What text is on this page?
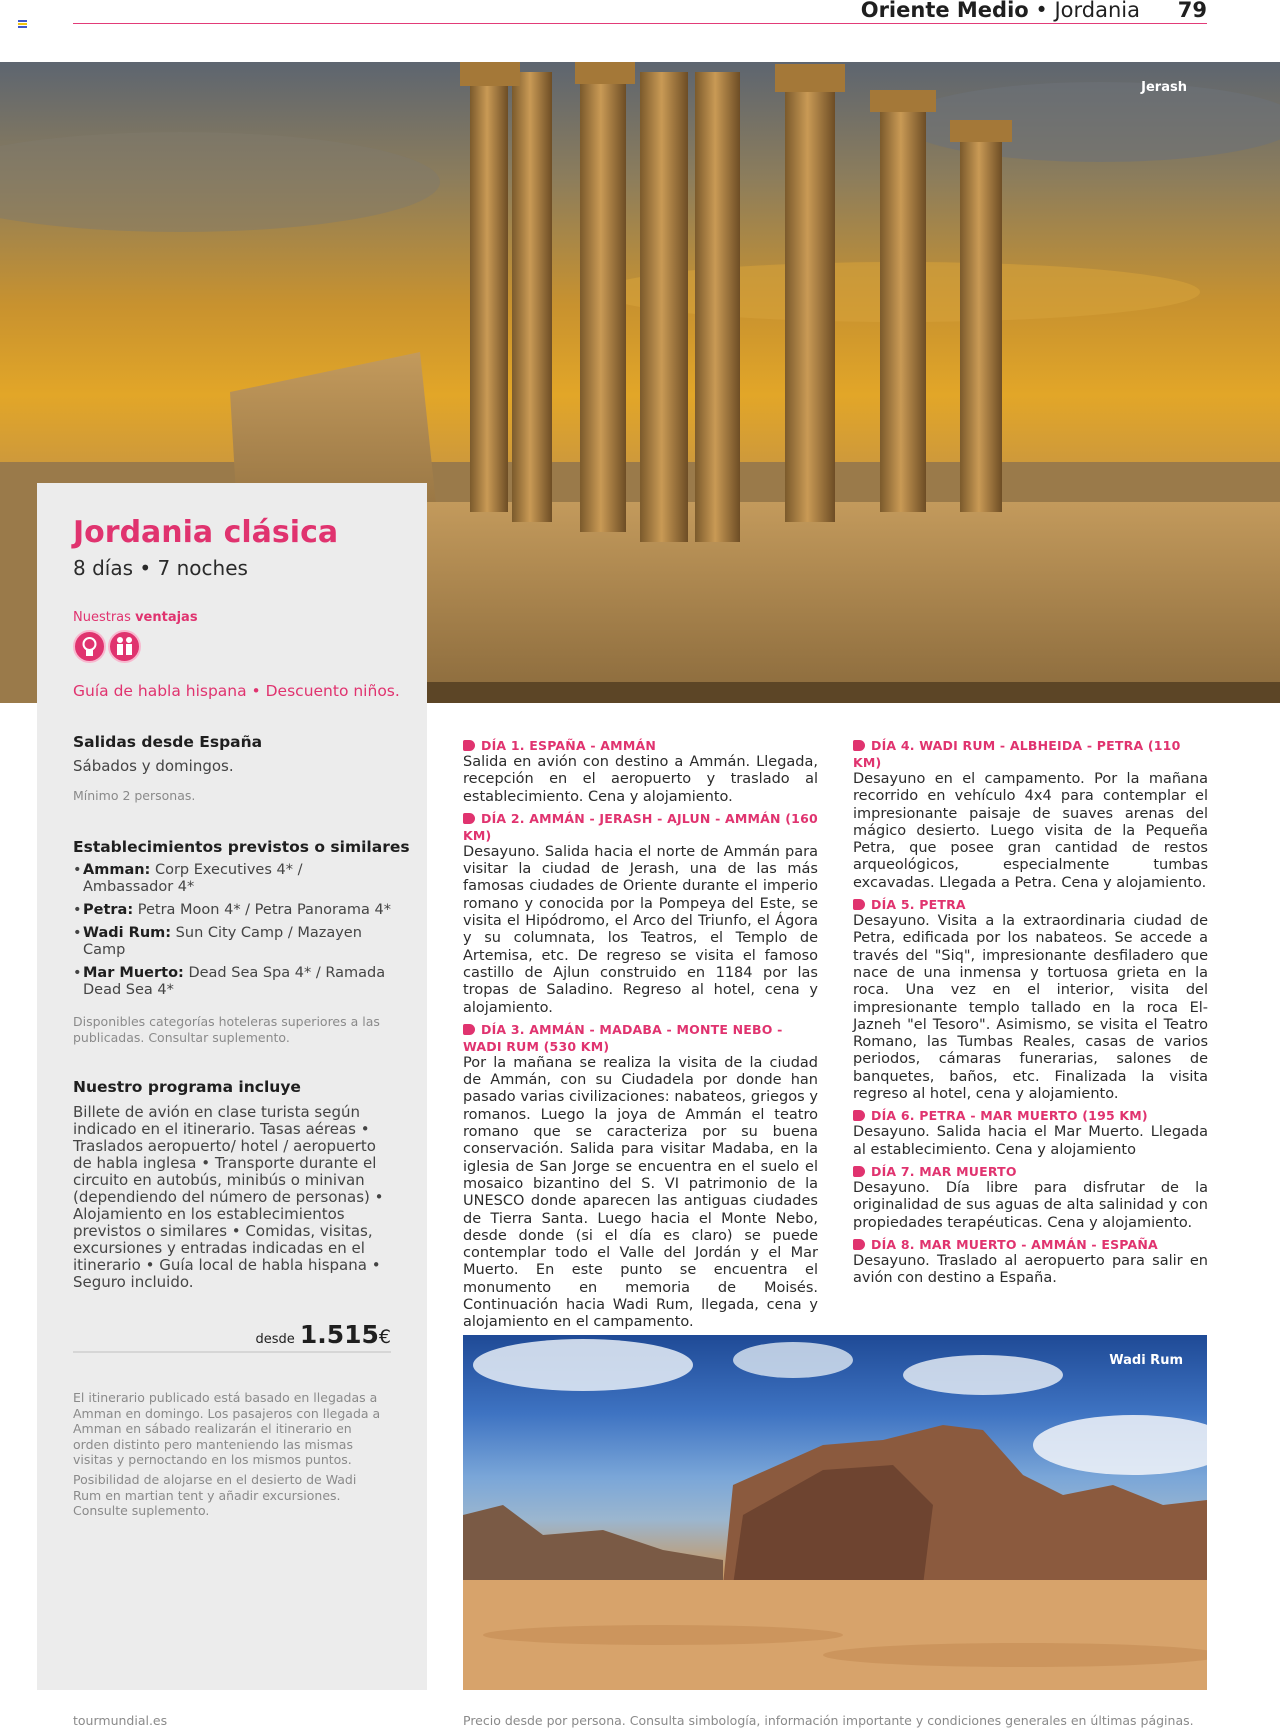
Oriente Medio • Jordania 79
Jerash
Jordania clásica
8 días • 7 noches
Nuestras ventajas
Guía de habla hispana • Descuento niños.
Salidas desde España
Sábados y domingos.
Mínimo 2 personas.
Establecimientos previstos o similares
• Amman: Corp Executives 4* / Ambassador 4*
• Petra: Petra Moon 4* / Petra Panorama 4*
• Wadi Rum: Sun City Camp / Mazayen Camp
• Mar Muerto: Dead Sea Spa 4* / Ramada Dead Sea 4*
Disponibles categorías hoteleras superiores a las publicadas. Consultar suplemento.
Nuestro programa incluye
Billete de avión en clase turista según indicado en el itinerario. Tasas aéreas • Traslados aeropuerto/ hotel / aeropuerto de habla inglesa • Transporte durante el circuito en autobús, minibús o minivan (dependiendo del número de personas) • Alojamiento en los establecimientos previstos o similares • Comidas, visitas, excursiones y entradas indicadas en el itinerario • Guía local de habla hispana • Seguro incluido.
desde 1.515€
El itinerario publicado está basado en llegadas a Amman en domingo. Los pasajeros con llegada a Amman en sábado realizarán el itinerario en orden distinto pero manteniendo las mismas visitas y pernoctando en los mismos puntos.
Posibilidad de alojarse en el desierto de Wadi Rum en martian tent y añadir excursiones. Consulte suplemento.
DÍA 1. ESPAÑA - AMMÁN
Salida en avión con destino a Ammán. Llegada, recepción en el aeropuerto y traslado al establecimiento. Cena y alojamiento.
DÍA 2. AMMÁN - JERASH - AJLUN - AMMÁN (160 KM)
Desayuno. Salida hacia el norte de Ammán para visitar la ciudad de Jerash, una de las más famosas ciudades de Oriente durante el imperio romano y conocida por la Pompeya del Este, se visita el Hipódromo, el Arco del Triunfo, el Ágora y su columnata, los Teatros, el Templo de Artemisa, etc. De regreso se visita el famoso castillo de Ajlun construido en 1184 por las tropas de Saladino. Regreso al hotel, cena y alojamiento.
DÍA 3. AMMÁN - MADABA - MONTE NEBO - WADI RUM (530 KM)
Por la mañana se realiza la visita de la ciudad de Ammán, con su Ciudadela por donde han pasado varias civilizaciones: nabateos, griegos y romanos. Luego la joya de Ammán el teatro romano que se caracteriza por su buena conservación. Salida para visitar Madaba, en la iglesia de San Jorge se encuentra en el suelo el mosaico bizantino del S. VI patrimonio de la UNESCO donde aparecen las antiguas ciudades de Tierra Santa. Luego hacia el Monte Nebo, desde donde (si el día es claro) se puede contemplar todo el Valle del Jordán y el Mar Muerto. En este punto se encuentra el monumento en memoria de Moisés. Continuación hacia Wadi Rum, llegada, cena y alojamiento en el campamento.
DÍA 4. WADI RUM - ALBHEIDA - PETRA (110 KM)
Desayuno en el campamento. Por la mañana recorrido en vehículo 4x4 para contemplar el impresionante paisaje de suaves arenas del mágico desierto. Luego visita de la Pequeña Petra, que posee gran cantidad de restos arqueológicos, especialmente tumbas excavadas. Llegada a Petra. Cena y alojamiento.
DÍA 5. PETRA
Desayuno. Visita a la extraordinaria ciudad de Petra, edificada por los nabateos. Se accede a través del "Siq", impresionante desfiladero que nace de una inmensa y tortuosa grieta en la roca. Una vez en el interior, visita del impresionante templo tallado en la roca El-Jazneh "el Tesoro". Asimismo, se visita el Teatro Romano, las Tumbas Reales, casas de varios periodos, cámaras funerarias, salones de banquetes, baños, etc. Finalizada la visita regreso al hotel, cena y alojamiento.
DÍA 6. PETRA - MAR MUERTO (195 KM)
Desayuno. Salida hacia el Mar Muerto. Llegada al establecimiento. Cena y alojamiento
DÍA 7. MAR MUERTO
Desayuno. Día libre para disfrutar de la originalidad de sus aguas de alta salinidad y con propiedades terapéuticas. Cena y alojamiento.
DÍA 8. MAR MUERTO - AMMÁN - ESPAÑA
Desayuno. Traslado al aeropuerto para salir en avión con destino a España.
Wadi Rum
tourmundial.es	Precio desde por persona. Consulta simbología, información importante y condiciones generales en últimas páginas.
